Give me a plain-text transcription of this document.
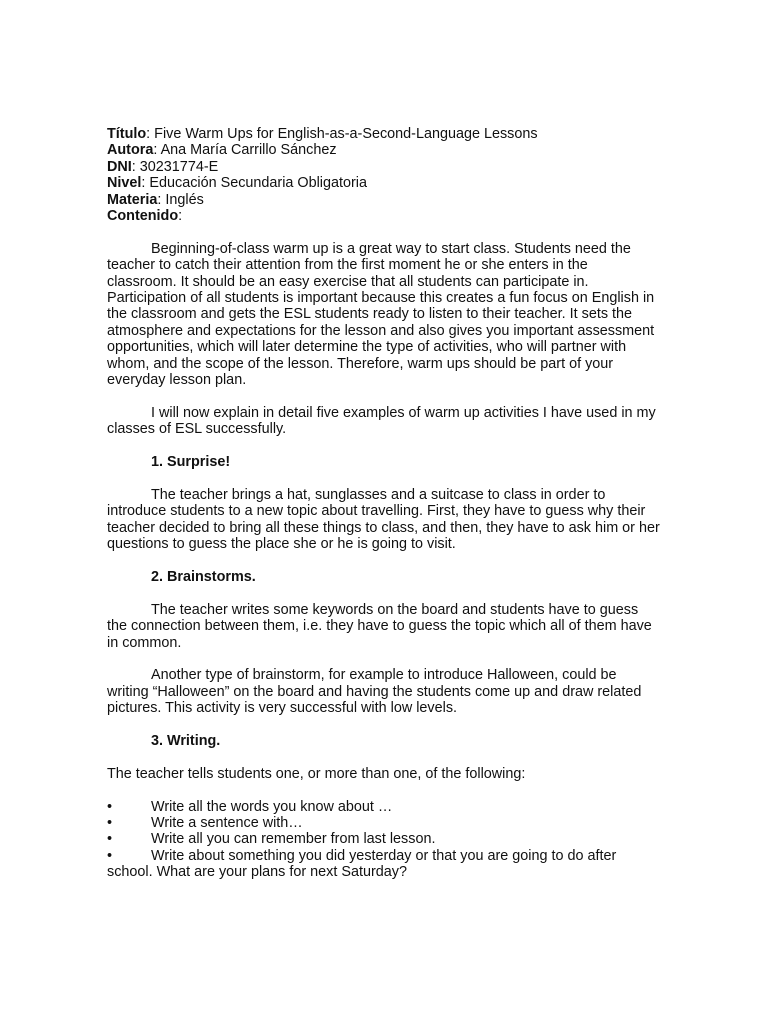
Título: Five Warm Ups for English-as-a-Second-Language Lessons

Autora: Ana María Carrillo Sánchez

DNI: 30231774-E

Nivel: Educación Secundaria Obligatoria

Materia: Inglés

Contenido:

Beginning-of-class warm up is a great way to start class. Students need the teacher to catch their attention from the first moment he or she enters in the classroom. It should be an easy exercise that all students can participate in. Participation of all students is important because this creates a fun focus on English in the classroom and gets the ESL students ready to listen to their teacher. It sets the atmosphere and expectations for the lesson and also gives you important assessment opportunities, which will later determine the type of activities, who will partner with whom, and the scope of the lesson. Therefore, warm ups should be part of your everyday lesson plan.

I will now explain in detail five examples of warm up activities I have used in my classes of ESL successfully.

1. Surprise!

The teacher brings a hat, sunglasses and a suitcase to class in order to introduce students to a new topic about travelling. First, they have to guess why their teacher decided to bring all these things to class, and then, they have to ask him or her questions to guess the place she or he is going to visit.

2. Brainstorms.

The teacher writes some keywords on the board and students have to guess the connection between them, i.e. they have to guess the topic which all of them have in common.

Another type of brainstorm, for example to introduce Halloween, could be writing “Halloween” on the board and having the students come up and draw related pictures. This activity is very successful with low levels.

3. Writing.

The teacher tells students one, or more than one, of the following:

•	Write all the words you know about …

•	Write a sentence with…

•	Write all you can remember from last lesson.

•	Write about something you did yesterday or that you are going to do after school. What are your plans for next Saturday?
